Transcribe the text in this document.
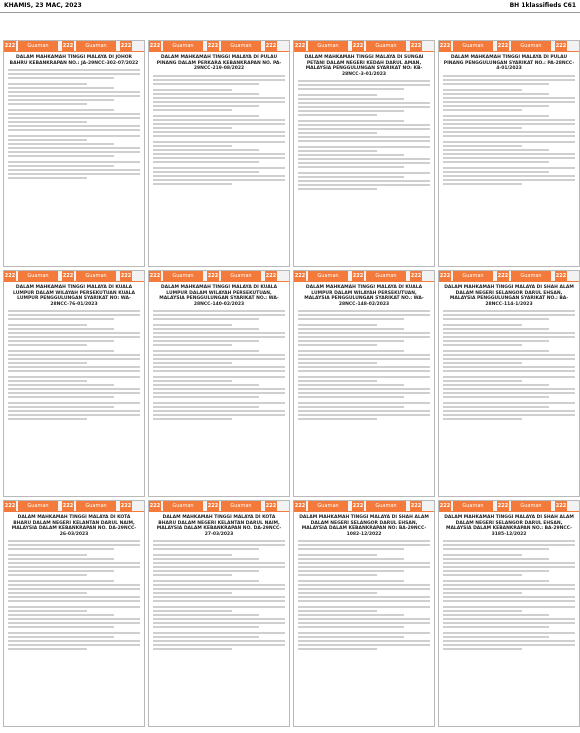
KHAMIS, 23 MAC, 2023	BH 1klassifieds C61
222	Guaman	222	Guaman	222
DALAM MAHKAMAH TINGGI MALAYA DI JOHOR BAHRU KEBANKRAPAN NO.: JA-29NCC-302-07/2022
222	Guaman	222	Guaman	222
DALAM MAHKAMAH TINGGI MALAYA DI PULAU PINANG DALAM PERKARA KEBANKRAPAN NO. PA-29NCC-219-08/2022
222	Guaman	222	Guaman	222
DALAM MAHKAMAH TINGGI MALAYA DI SUNGAI PETANI DALAM NEGERI KEDAH DARUL AMAN, MALAYSIA PENGGULUNGAN SYARIKAT NO: KB-28NCC-3-01/2023
222	Guaman	222	Guaman	222
DALAM MAHKAMAH TINGGI MALAYA DI PULAU PINANG PENGGULUNGAN SYARIKAT NO.: PA-28NCC-4-01/2023
222	Guaman	222	Guaman	222
DALAM MAHKAMAH TINGGI MALAYA DI KUALA LUMPUR DALAM WILAYAH PERSEKUTUAN KUALA LUMPUR PENGGULUNGAN SYARIKAT NO: WA-28NCC-76-01/2023
222	Guaman	222	Guaman	222
DALAM MAHKAMAH TINGGI MALAYA DI KUALA LUMPUR DALAM WILAYAH PERSEKUTUAN, MALAYSIA PENGGULUNGAN SYARIKAT NO.: WA-28NCC-140-02/2023
222	Guaman	222	Guaman	222
DALAM MAHKAMAH TINGGI MALAYA DI KUALA LUMPUR DALAM WILAYAH PERSEKUTUAN, MALAYSIA PENGGULUNGAN SYARIKAT NO.: WA-28NCC-148-02/2023
222	Guaman	222	Guaman	222
DALAM MAHKAMAH TINGGI MALAYA DI SHAH ALAM DALAM NEGERI SELANGOR DARUL EHSAN, MALAYSIA PENGGULUNGAN SYARIKAT NO.: BA-28NCC-114-1/2023
222	Guaman	222	Guaman	222
DALAM MAHKAMAH TINGGI MALAYA DI KOTA BHARU DALAM NEGERI KELANTAN DARUL NAIM, MALAYSIA DALAM KEBANKRAPAN NO. DA-29NCC-26-03/2023
222	Guaman	222	Guaman	222
DALAM MAHKAMAH TINGGI MALAYA DI KOTA BHARU DALAM NEGERI KELANTAN DARUL NAIM, MALAYSIA DALAM KEBANKRAPAN NO. DA-29NCC-27-03/2023
222	Guaman	222	Guaman	222
DALAM MAHKAMAH TINGGI MALAYA DI SHAH ALAM DALAM NEGERI SELANGOR DARUL EHSAN, MALAYSIA DALAM KEBANKRAPAN NO: BA-29NCC-1082-12/2022
222	Guaman	222	Guaman	222
DALAM MAHKAMAH TINGGI MALAYA DI SHAH ALAM DALAM NEGERI SELANGOR DARUL EHSAN, MALAYSIA DALAM KEBANKRAPAN NO.: BA-29NCC-3185-12/2022
